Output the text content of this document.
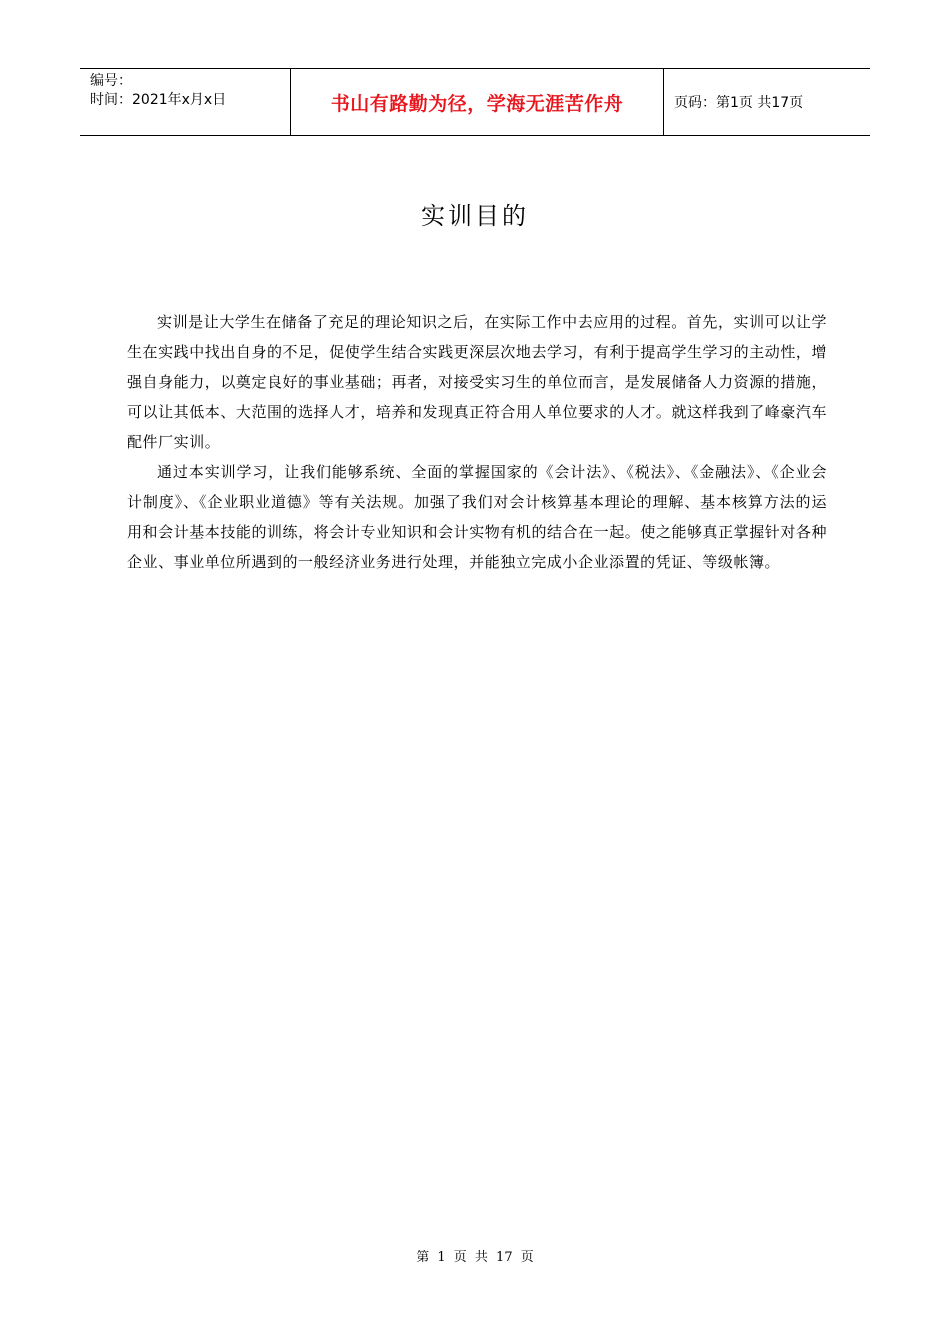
编号：
时间：2021年x月x日	书山有路勤为径，学海无涯苦作舟	页码：第1页 共17页
实训目的

实训是让大学生在储备了充足的理论知识之后，在实际工作中去应用的过程。首先，实训可以让学生在实践中找出自身的不足，促使学生结合实践更深层次地去学习，有利于提高学生学习的主动性，增强自身能力，以奠定良好的事业基础；再者，对接受实习生的单位而言，是发展储备人力资源的措施，可以让其低本、大范围的选择人才，培养和发现真正符合用人单位要求的人才。就这样我到了峰豪汽车配件厂实训。

通过本实训学习，让我们能够系统、全面的掌握国家的《会计法》、《税法》、《金融法》、《企业会计制度》、《企业职业道德》等有关法规。加强了我们对会计核算基本理论的理解、基本核算方法的运用和会计基本技能的训练，将会计专业知识和会计实物有机的结合在一起。使之能够真正掌握针对各种企业、事业单位所遇到的一般经济业务进行处理，并能独立完成小企业添置的凭证、等级帐簿。

第 1 页 共 17 页
